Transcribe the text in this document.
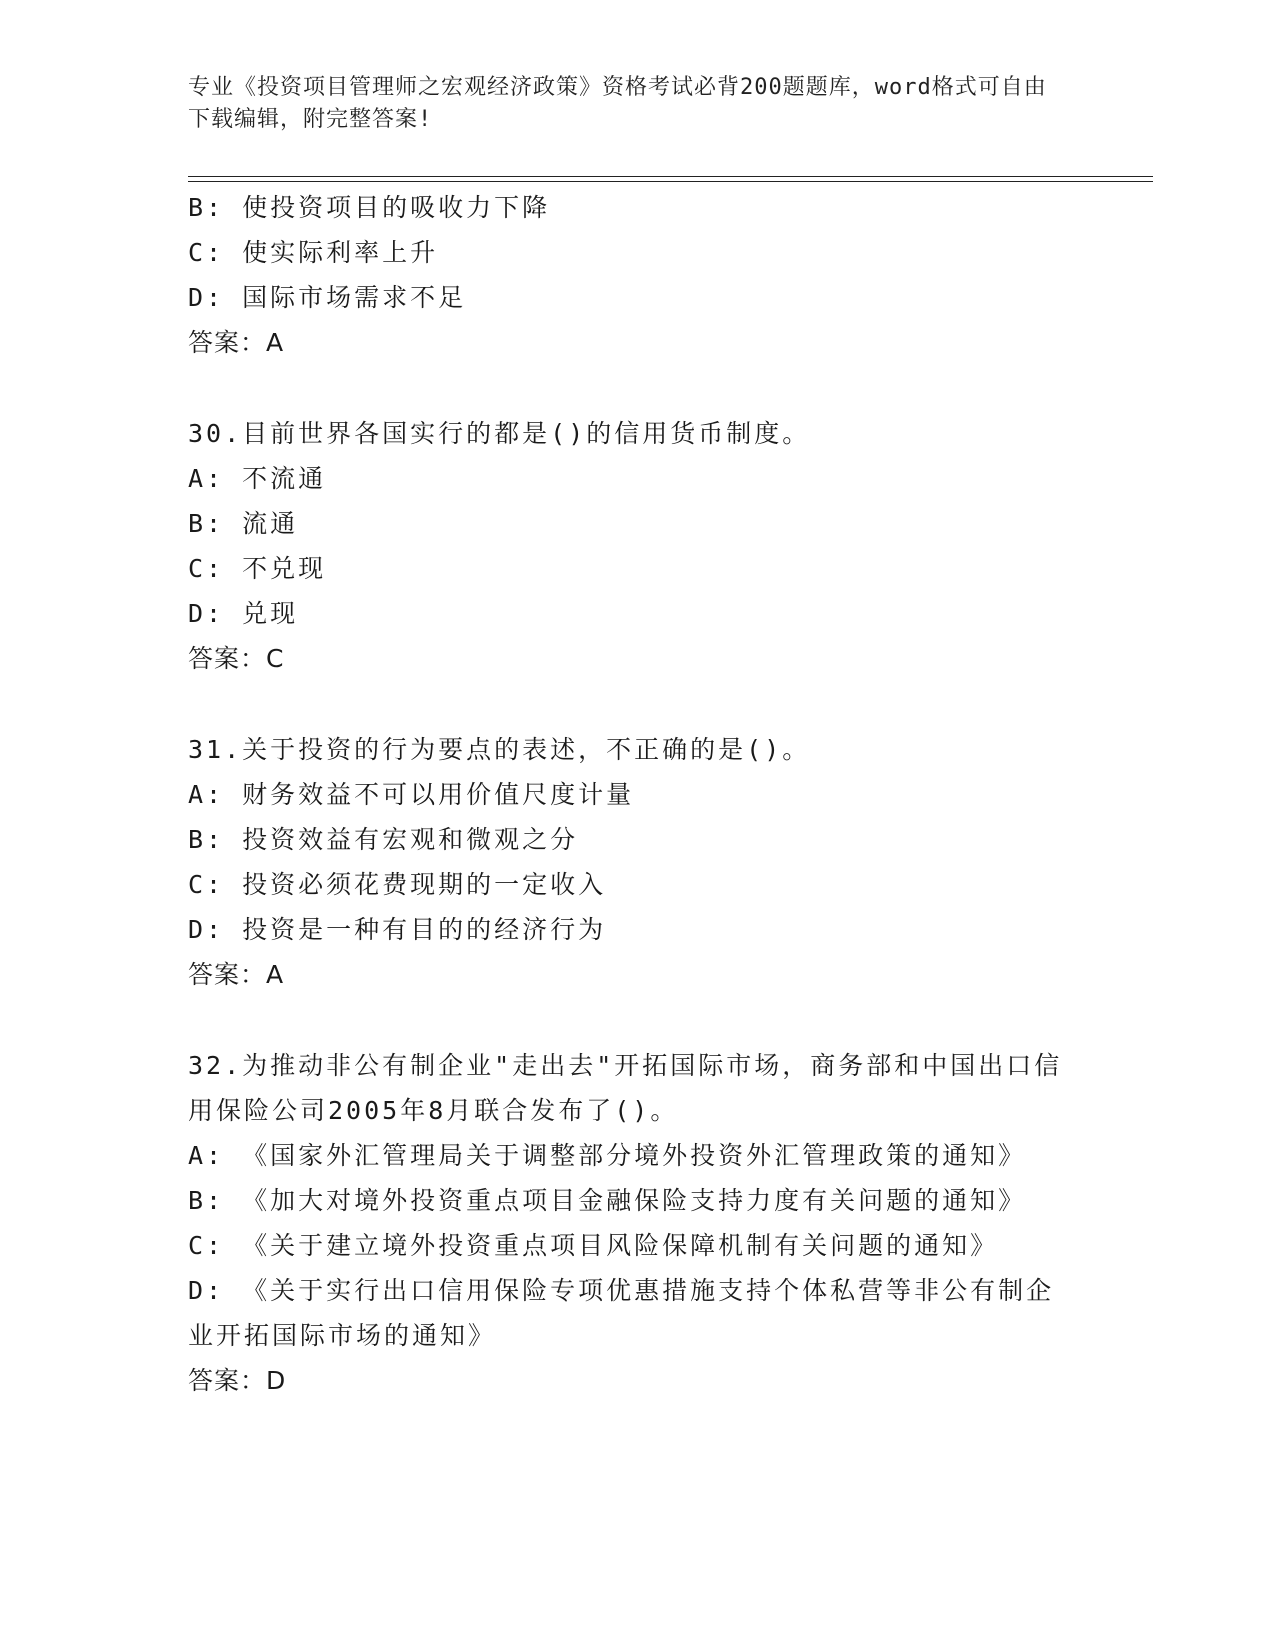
专业《投资项目管理师之宏观经济政策》资格考试必背200题题库，word格式可自由下载编辑，附完整答案!
B: 使投资项目的吸收力下降
C: 使实际利率上升
D: 国际市场需求不足
答案：A
30.目前世界各国实行的都是()的信用货币制度。
A: 不流通
B: 流通
C: 不兑现
D: 兑现
答案：C
31.关于投资的行为要点的表述，不正确的是()。
A: 财务效益不可以用价值尺度计量
B: 投资效益有宏观和微观之分
C: 投资必须花费现期的一定收入
D: 投资是一种有目的的经济行为
答案：A
32.为推动非公有制企业"走出去"开拓国际市场，商务部和中国出口信用保险公司2005年8月联合发布了()。
A: 《国家外汇管理局关于调整部分境外投资外汇管理政策的通知》
B: 《加大对境外投资重点项目金融保险支持力度有关问题的通知》
C: 《关于建立境外投资重点项目风险保障机制有关问题的通知》
D: 《关于实行出口信用保险专项优惠措施支持个体私营等非公有制企业开拓国际市场的通知》
答案：D
